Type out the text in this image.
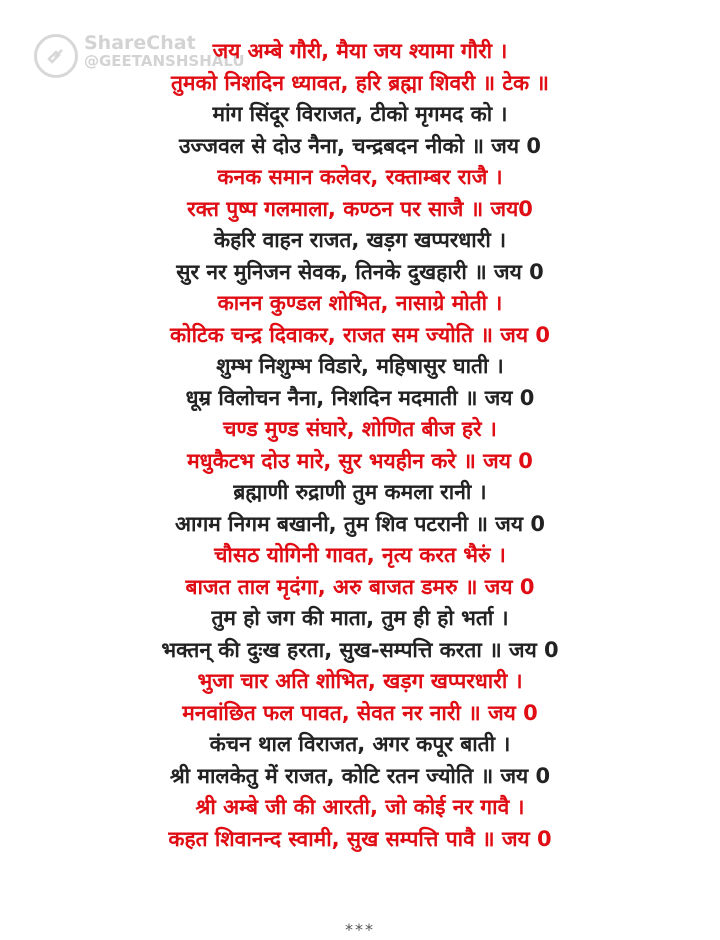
ShareChat
@GEETANSHSHALU
जय अम्बे गौरी, मैया जय श्यामा गौरी ।
तुमको निशदिन ध्यावत, हरि ब्रह्मा शिवरी ॥ टेक ॥
मांग सिंदूर विराजत, टीको मृगमद को ।
उज्जवल से दोउ नैना, चन्द्रबदन नीको ॥ जय 0
कनक समान कलेवर, रक्ताम्बर राजै ।
रक्त पुष्प गलमाला, कण्ठन पर साजै ॥ जय0
केहरि वाहन राजत, खड़ग खप्परधारी ।
सुर नर मुनिजन सेवक, तिनके दुखहारी ॥ जय 0
कानन कुण्डल शोभित, नासाग्रे मोती ।
कोटिक चन्द्र दिवाकर, राजत सम ज्योति ॥ जय 0
शुम्भ निशुम्भ विडारे, महिषासुर घाती ।
धूम्र विलोचन नैना, निशदिन मदमाती ॥ जय 0
चण्ड मुण्ड संघारे, शोणित बीज हरे ।
मधुकैटभ दोउ मारे, सुर भयहीन करे ॥ जय 0
ब्रह्माणी रुद्राणी तुम कमला रानी ।
आगम निगम बखानी, तुम शिव पटरानी ॥ जय 0
चौसठ योगिनी गावत, नृत्य करत भैरुं ।
बाजत ताल मृदंगा, अरु बाजत डमरु ॥ जय 0
तुम हो जग की माता, तुम ही हो भर्ता ।
भक्तन् की दुःख हरता, सुख-सम्पत्ति करता ॥ जय 0
भुजा चार अति शोभित, खड़ग खप्परधारी ।
मनवांछित फल पावत, सेवत नर नारी ॥ जय 0
कंचन थाल विराजत, अगर कपूर बाती ।
श्री मालकेतु में राजत, कोटि रतन ज्योति ॥ जय 0
श्री अम्बे जी की आरती, जो कोई नर गावै ।
कहत शिवानन्द स्वामी, सुख सम्पत्ति पावै ॥ जय 0
***
